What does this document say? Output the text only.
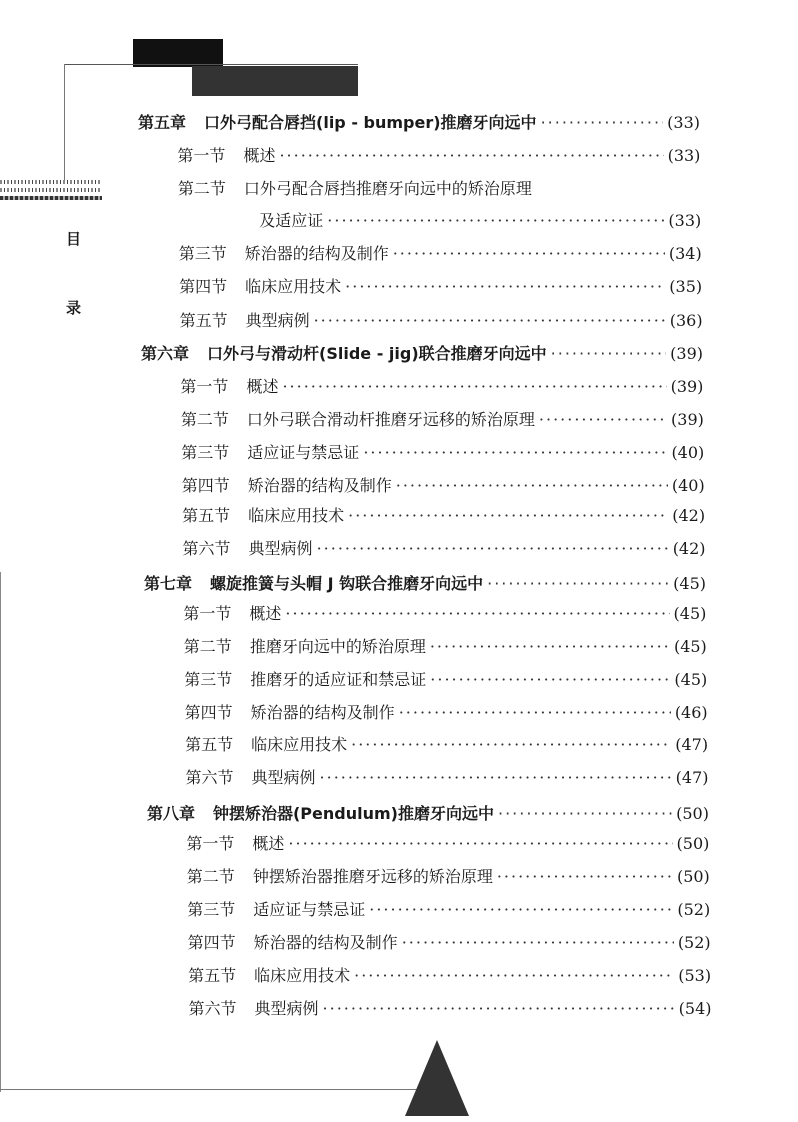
目
录
第五章 口外弓配合唇挡(lip - bumper)推磨牙向远中 ·····	(33)
第一节 概述 ·····	(33)
第二节 口外弓配合唇挡推磨牙向远中的矫治原理
及适应证 ·····	(33)
第三节 矫治器的结构及制作 ·····	(34)
第四节 临床应用技术 ·····	(35)
第五节 典型病例 ·····	(36)
第六章 口外弓与滑动杆(Slide - jig)联合推磨牙向远中 ·····	(39)
第一节 概述 ·····	(39)
第二节 口外弓联合滑动杆推磨牙远移的矫治原理 ·····	(39)
第三节 适应证与禁忌证 ·····	(40)
第四节 矫治器的结构及制作 ·····	(40)
第五节 临床应用技术 ·····	(42)
第六节 典型病例 ·····	(42)
第七章 螺旋推簧与头帽 J 钩联合推磨牙向远中 ·····	(45)
第一节 概述 ·····	(45)
第二节 推磨牙向远中的矫治原理 ·····	(45)
第三节 推磨牙的适应证和禁忌证 ·····	(45)
第四节 矫治器的结构及制作 ·····	(46)
第五节 临床应用技术 ·····	(47)
第六节 典型病例 ·····	(47)
第八章 钟摆矫治器(Pendulum)推磨牙向远中 ·····	(50)
第一节 概述 ·····	(50)
第二节 钟摆矫治器推磨牙远移的矫治原理 ·····	(50)
第三节 适应证与禁忌证 ·····	(52)
第四节 矫治器的结构及制作 ·····	(52)
第五节 临床应用技术 ·····	(53)
第六节 典型病例 ·····	(54)
